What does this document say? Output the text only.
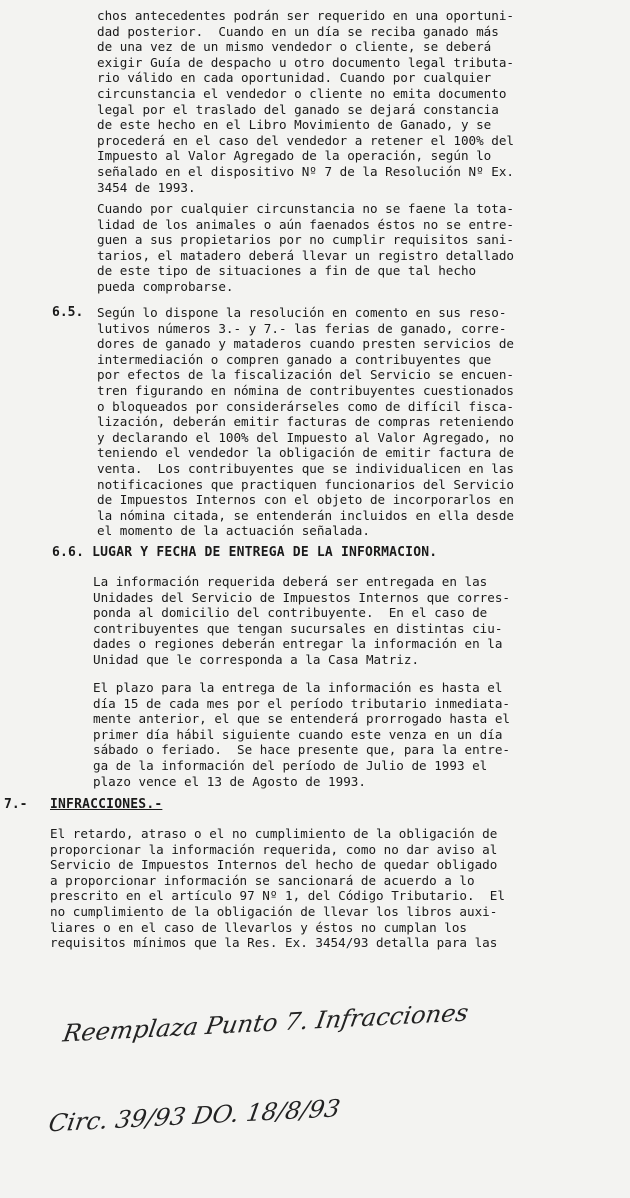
chos antecedentes podrán ser requerido en una oportuni-
dad posterior.  Cuando en un día se reciba ganado más
de una vez de un mismo vendedor o cliente, se deberá
exigir Guía de despacho u otro documento legal tributa-
rio válido en cada oportunidad. Cuando por cualquier
circunstancia el vendedor o cliente no emita documento
legal por el traslado del ganado se dejará constancia
de este hecho en el Libro Movimiento de Ganado, y se
procederá en el caso del vendedor a retener el 100% del
Impuesto al Valor Agregado de la operación, según lo
señalado en el dispositivo Nº 7 de la Resolución Nº Ex.
3454 de 1993.
Cuando por cualquier circunstancia no se faene la tota-
lidad de los animales o aún faenados éstos no se entre-
guen a sus propietarios por no cumplir requisitos sani-
tarios, el matadero deberá llevar un registro detallado
de este tipo de situaciones a fin de que tal hecho
pueda comprobarse.
6.5. Según lo dispone la resolución en comento en sus reso-
lutivos números 3.- y 7.- las ferias de ganado, corre-
dores de ganado y mataderos cuando presten servicios de
intermediación o compren ganado a contribuyentes que
por efectos de la fiscalización del Servicio se encuen-
tren figurando en nómina de contribuyentes cuestionados
o bloqueados por considerárseles como de difícil fisca-
lización, deberán emitir facturas de compras reteniendo
y declarando el 100% del Impuesto al Valor Agregado, no
teniendo el vendedor la obligación de emitir factura de
venta.  Los contribuyentes que se individualicen en las
notificaciones que practiquen funcionarios del Servicio
de Impuestos Internos con el objeto de incorporarlos en
la nómina citada, se entenderán incluidos en ella desde
el momento de la actuación señalada.
6.6. LUGAR Y FECHA DE ENTREGA DE LA INFORMACION.
La información requerida deberá ser entregada en las
Unidades del Servicio de Impuestos Internos que corres-
ponda al domicilio del contribuyente.  En el caso de
contribuyentes que tengan sucursales en distintas ciu-
dades o regiones deberán entregar la información en la
Unidad que le corresponda a la Casa Matriz.
El plazo para la entrega de la información es hasta el
día 15 de cada mes por el período tributario inmediata-
mente anterior, el que se entenderá prorrogado hasta el
primer día hábil siguiente cuando este venza en un día
sábado o feriado.  Se hace presente que, para la entre-
ga de la información del período de Julio de 1993 el
plazo vence el 13 de Agosto de 1993.
7.- INFRACCIONES.-
El retardo, atraso o el no cumplimiento de la obligación de
proporcionar la información requerida, como no dar aviso al
Servicio de Impuestos Internos del hecho de quedar obligado
a proporcionar información se sancionará de acuerdo a lo
prescrito en el artículo 97 Nº 1, del Código Tributario.  El
no cumplimiento de la obligación de llevar los libros auxi-
liares o en el caso de llevarlos y éstos no cumplan los
requisitos mínimos que la Res. Ex. 3454/93 detalla para las

Reemplaza Punto 7. Infracciones

Circ. 39/93 DO. 18/8/93
